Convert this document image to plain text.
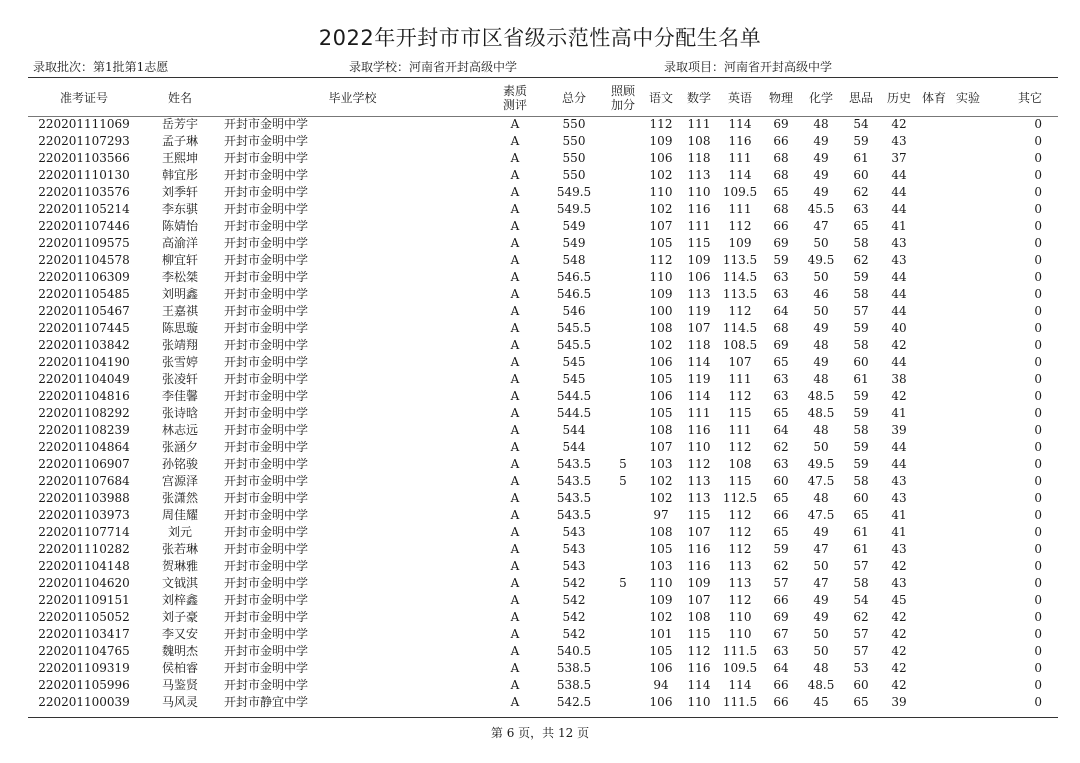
2022年开封市市区省级示范性高中分配生名单
录取批次：第1批第1志愿	录取学校：河南省开封高级中学	录取项目：河南省开封高级中学
准考证号	姓名	毕业学校	素质
测评	总分	照顾
加分	语文	数学	英语	物理	化学	思品	历史	体育	实验	其它
220201111069	岳芳宇	开封市金明中学	A	550		112	111	114	69	48	54	42			0
220201107293	孟子琳	开封市金明中学	A	550		109	108	116	66	49	59	43			0
220201103566	王熙坤	开封市金明中学	A	550		106	118	111	68	49	61	37			0
220201110130	韩宜彤	开封市金明中学	A	550		102	113	114	68	49	60	44			0
220201103576	刘季轩	开封市金明中学	A	549.5		110	110	109.5	65	49	62	44			0
220201105214	李东骐	开封市金明中学	A	549.5		102	116	111	68	45.5	63	44			0
220201107446	陈婧怡	开封市金明中学	A	549		107	111	112	66	47	65	41			0
220201109575	高渝洋	开封市金明中学	A	549		105	115	109	69	50	58	43			0
220201104578	柳宜轩	开封市金明中学	A	548		112	109	113.5	59	49.5	62	43			0
220201106309	李松桀	开封市金明中学	A	546.5		110	106	114.5	63	50	59	44			0
220201105485	刘明鑫	开封市金明中学	A	546.5		109	113	113.5	63	46	58	44			0
220201105467	王嘉祺	开封市金明中学	A	546		100	119	112	64	50	57	44			0
220201107445	陈思璇	开封市金明中学	A	545.5		108	107	114.5	68	49	59	40			0
220201103842	张靖翔	开封市金明中学	A	545.5		102	118	108.5	69	48	58	42			0
220201104190	张雪婷	开封市金明中学	A	545		106	114	107	65	49	60	44			0
220201104049	张凌轩	开封市金明中学	A	545		105	119	111	63	48	61	38			0
220201104816	李佳馨	开封市金明中学	A	544.5		106	114	112	63	48.5	59	42			0
220201108292	张诗晗	开封市金明中学	A	544.5		105	111	115	65	48.5	59	41			0
220201108239	林志远	开封市金明中学	A	544		108	116	111	64	48	58	39			0
220201104864	张涵夕	开封市金明中学	A	544		107	110	112	62	50	59	44			0
220201106907	孙铭骏	开封市金明中学	A	543.5	5	103	112	108	63	49.5	59	44			0
220201107684	宫源泽	开封市金明中学	A	543.5	5	102	113	115	60	47.5	58	43			0
220201103988	张潇然	开封市金明中学	A	543.5		102	113	112.5	65	48	60	43			0
220201103973	周佳耀	开封市金明中学	A	543.5		97	115	112	66	47.5	65	41			0
220201107714	刘元	开封市金明中学	A	543		108	107	112	65	49	61	41			0
220201110282	张若琳	开封市金明中学	A	543		105	116	112	59	47	61	43			0
220201104148	贺琳雅	开封市金明中学	A	543		103	116	113	62	50	57	42			0
220201104620	文钺淇	开封市金明中学	A	542	5	110	109	113	57	47	58	43			0
220201109151	刘梓鑫	开封市金明中学	A	542		109	107	112	66	49	54	45			0
220201105052	刘子豪	开封市金明中学	A	542		102	108	110	69	49	62	42			0
220201103417	李又安	开封市金明中学	A	542		101	115	110	67	50	57	42			0
220201104765	魏明杰	开封市金明中学	A	540.5		105	112	111.5	63	50	57	42			0
220201109319	侯柏睿	开封市金明中学	A	538.5		106	116	109.5	64	48	53	42			0
220201105996	马鉴贤	开封市金明中学	A	538.5		94	114	114	66	48.5	60	42			0
220201100039	马风灵	开封市静宜中学	A	542.5		106	110	111.5	66	45	65	39			0
第 6 页，共 12 页
